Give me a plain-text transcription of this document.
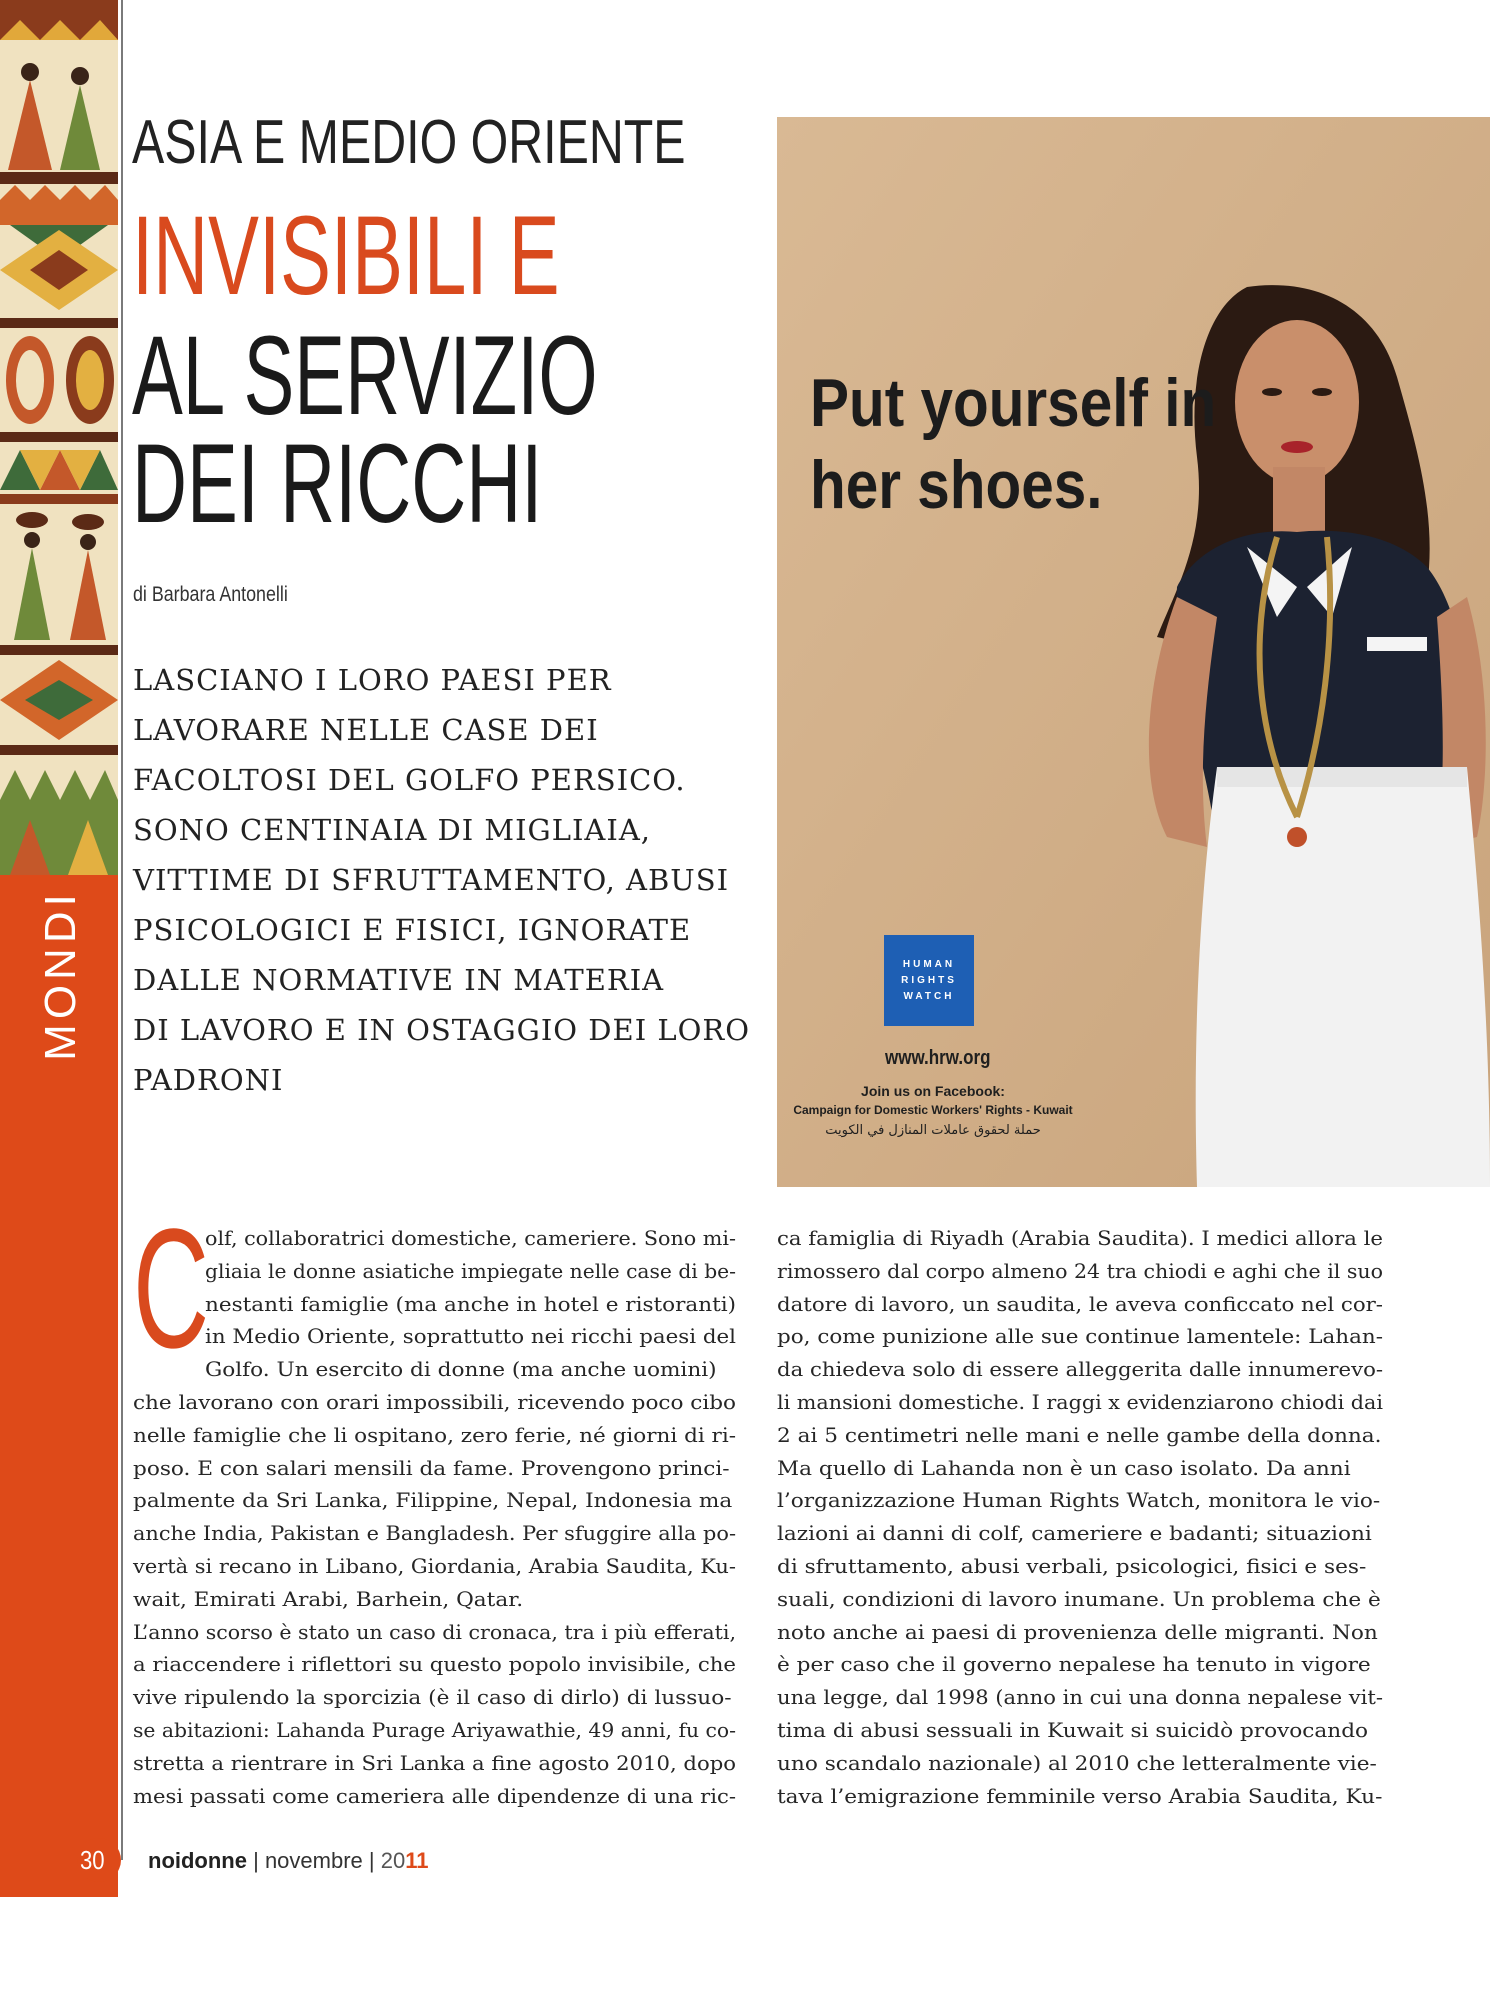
MONDI
ASIA E MEDIO ORIENTE
INVISIBILI E
AL SERVIZIO
DEI RICCHI
di Barbara Antonelli
LASCIANO I LORO PAESI PER
LAVORARE NELLE CASE DEI
FACOLTOSI DEL GOLFO PERSICO.
SONO CENTINAIA DI MIGLIAIA,
VITTIME DI SFRUTTAMENTO, ABUSI
PSICOLOGICI E FISICI, IGNORATE
DALLE NORMATIVE IN MATERIA
DI LAVORO E IN OSTAGGIO DEI LORO
PADRONI
Put yourself in
her shoes.
HUMAN
RIGHTS
WATCH
www.hrw.org
Join us on Facebook:
Campaign for Domestic Workers' Rights - Kuwait
حملة لحقوق عاملات المنازل في الكويت
C
olf, collaboratrici domestiche, cameriere. Sono mi-
gliaia le donne asiatiche impiegate nelle case di be-
nestanti famiglie (ma anche in hotel e ristoranti)
in Medio Oriente, soprattutto nei ricchi paesi del
Golfo. Un esercito di donne (ma anche uomini)
che lavorano con orari impossibili, ricevendo poco cibo
nelle famiglie che li ospitano, zero ferie, né giorni di ri-
poso. E con salari mensili da fame. Provengono princi-
palmente da Sri Lanka, Filippine, Nepal, Indonesia ma
anche India, Pakistan e Bangladesh. Per sfuggire alla po-
vertà si recano in Libano, Giordania, Arabia Saudita, Ku-
wait, Emirati Arabi, Barhein, Qatar.
L’anno scorso è stato un caso di cronaca, tra i più efferati,
a riaccendere i riflettori su questo popolo invisibile, che
vive ripulendo la sporcizia (è il caso di dirlo) di lussuo-
se abitazioni: Lahanda Purage Ariyawathie, 49 anni, fu co-
stretta a rientrare in Sri Lanka a fine agosto 2010, dopo
mesi passati come cameriera alle dipendenze di una ric-
ca famiglia di Riyadh (Arabia Saudita). I medici allora le
rimossero dal corpo almeno 24 tra chiodi e aghi che il suo
datore di lavoro, un saudita, le aveva conficcato nel cor-
po, come punizione alle sue continue lamentele: Lahan-
da chiedeva solo di essere alleggerita dalle innumerevo-
li mansioni domestiche. I raggi x evidenziarono chiodi dai
2 ai 5 centimetri nelle mani e nelle gambe della donna.
Ma quello di Lahanda non è un caso isolato. Da anni
l’organizzazione Human Rights Watch, monitora le vio-
lazioni ai danni di colf, cameriere e badanti; situazioni
di sfruttamento, abusi verbali, psicologici, fisici e ses-
suali, condizioni di lavoro inumane. Un problema che è
noto anche ai paesi di provenienza delle migranti. Non
è per caso che il governo nepalese ha tenuto in vigore
una legge, dal 1998 (anno in cui una donna nepalese vit-
tima di abusi sessuali in Kuwait si suicidò provocando
uno scandalo nazionale) al 2010 che letteralmente vie-
tava l’emigrazione femminile verso Arabia Saudita, Ku-
30 noidonne | novembre | 2011
